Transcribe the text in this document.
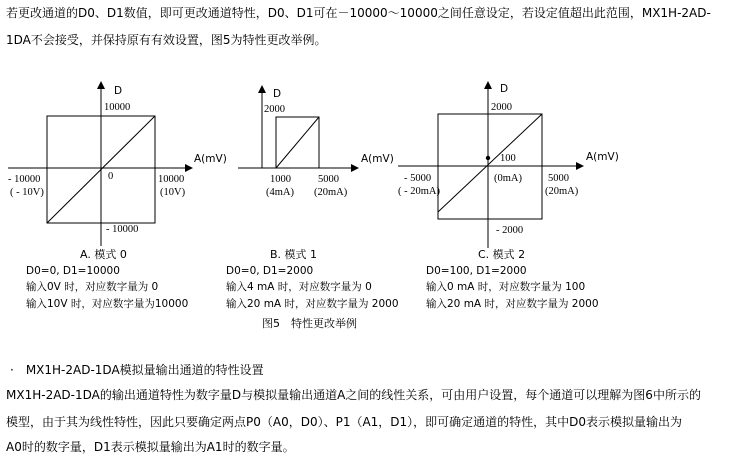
若更改通道的D0、D1数值，即可更改通道特性，D0、D1可在－10000～10000之间任意设定，若设定值超出此范围，MX1H-2AD-
1DA不会接受，并保持原有有效设置，图5为特性更改举例。
D
A(mV)
10000
- 10000
- 10000
( - 10V)
10000
(10V)
0
A. 模式 0
D0=0, D1=10000
输入0V 时，对应数字量为 0
输入10V 时，对应数字量为10000
D
A(mV)
2000
1000
(4mA)
5000
(20mA)
B. 模式 1
D0=0, D1=2000
输入4 mA 时，对应数字量为 0
输入20 mA 时，对应数字量为 2000
D
A(mV)
2000
- 2000
100
(0mA)
- 5000
( - 20mA)
5000
(20mA)
C. 模式 2
D0=100, D1=2000
输入0 mA 时，对应数字量为 100
输入20 mA 时，对应数字量为 2000
图5　特性更改举例
·　MX1H-2AD-1DA模拟量输出通道的特性设置
MX1H-2AD-1DA的输出通道特性为数字量D与模拟量输出通道A之间的线性关系，可由用户设置，每个通道可以理解为图6中所示的
模型，由于其为线性特性，因此只要确定两点P0（A0，D0）、P1（A1，D1），即可确定通道的特性，其中D0表示模拟量输出为
A0时的数字量，D1表示模拟量输出为A1时的数字量。
